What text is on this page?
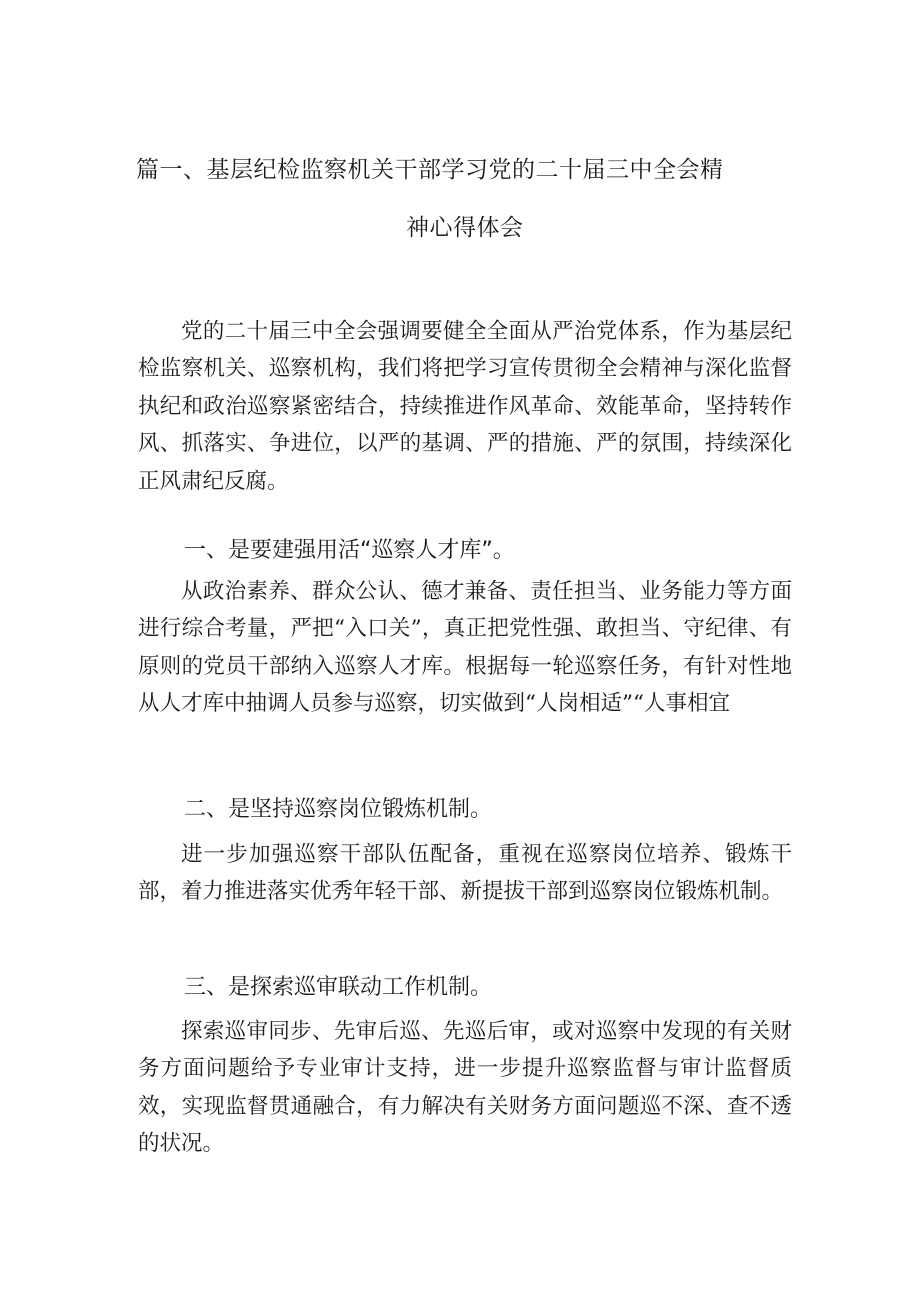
篇一、基层纪检监察机关干部学习党的二十届三中全会精
神心得体会

党的二十届三中全会强调要健全全面从严治党体系，作为基层纪检监察机关、巡察机构，我们将把学习宣传贯彻全会精神与深化监督执纪和政治巡察紧密结合，持续推进作风革命、效能革命，坚持转作风、抓落实、争进位，以严的基调、严的措施、严的氛围，持续深化正风肃纪反腐。

一、是要建强用活“巡察人才库”。

从政治素养、群众公认、德才兼备、责任担当、业务能力等方面进行综合考量，严把“入口关”，真正把党性强、敢担当、守纪律、有原则的党员干部纳入巡察人才库。根据每一轮巡察任务，有针对性地从人才库中抽调人员参与巡察，切实做到“人岗相适”“人事相宜

二、是坚持巡察岗位锻炼机制。

进一步加强巡察干部队伍配备，重视在巡察岗位培养、锻炼干部，着力推进落实优秀年轻干部、新提拔干部到巡察岗位锻炼机制。

三、是探索巡审联动工作机制。

探索巡审同步、先审后巡、先巡后审，或对巡察中发现的有关财务方面问题给予专业审计支持，进一步提升巡察监督与审计监督质效，实现监督贯通融合，有力解决有关财务方面问题巡不深、查不透的状况。
